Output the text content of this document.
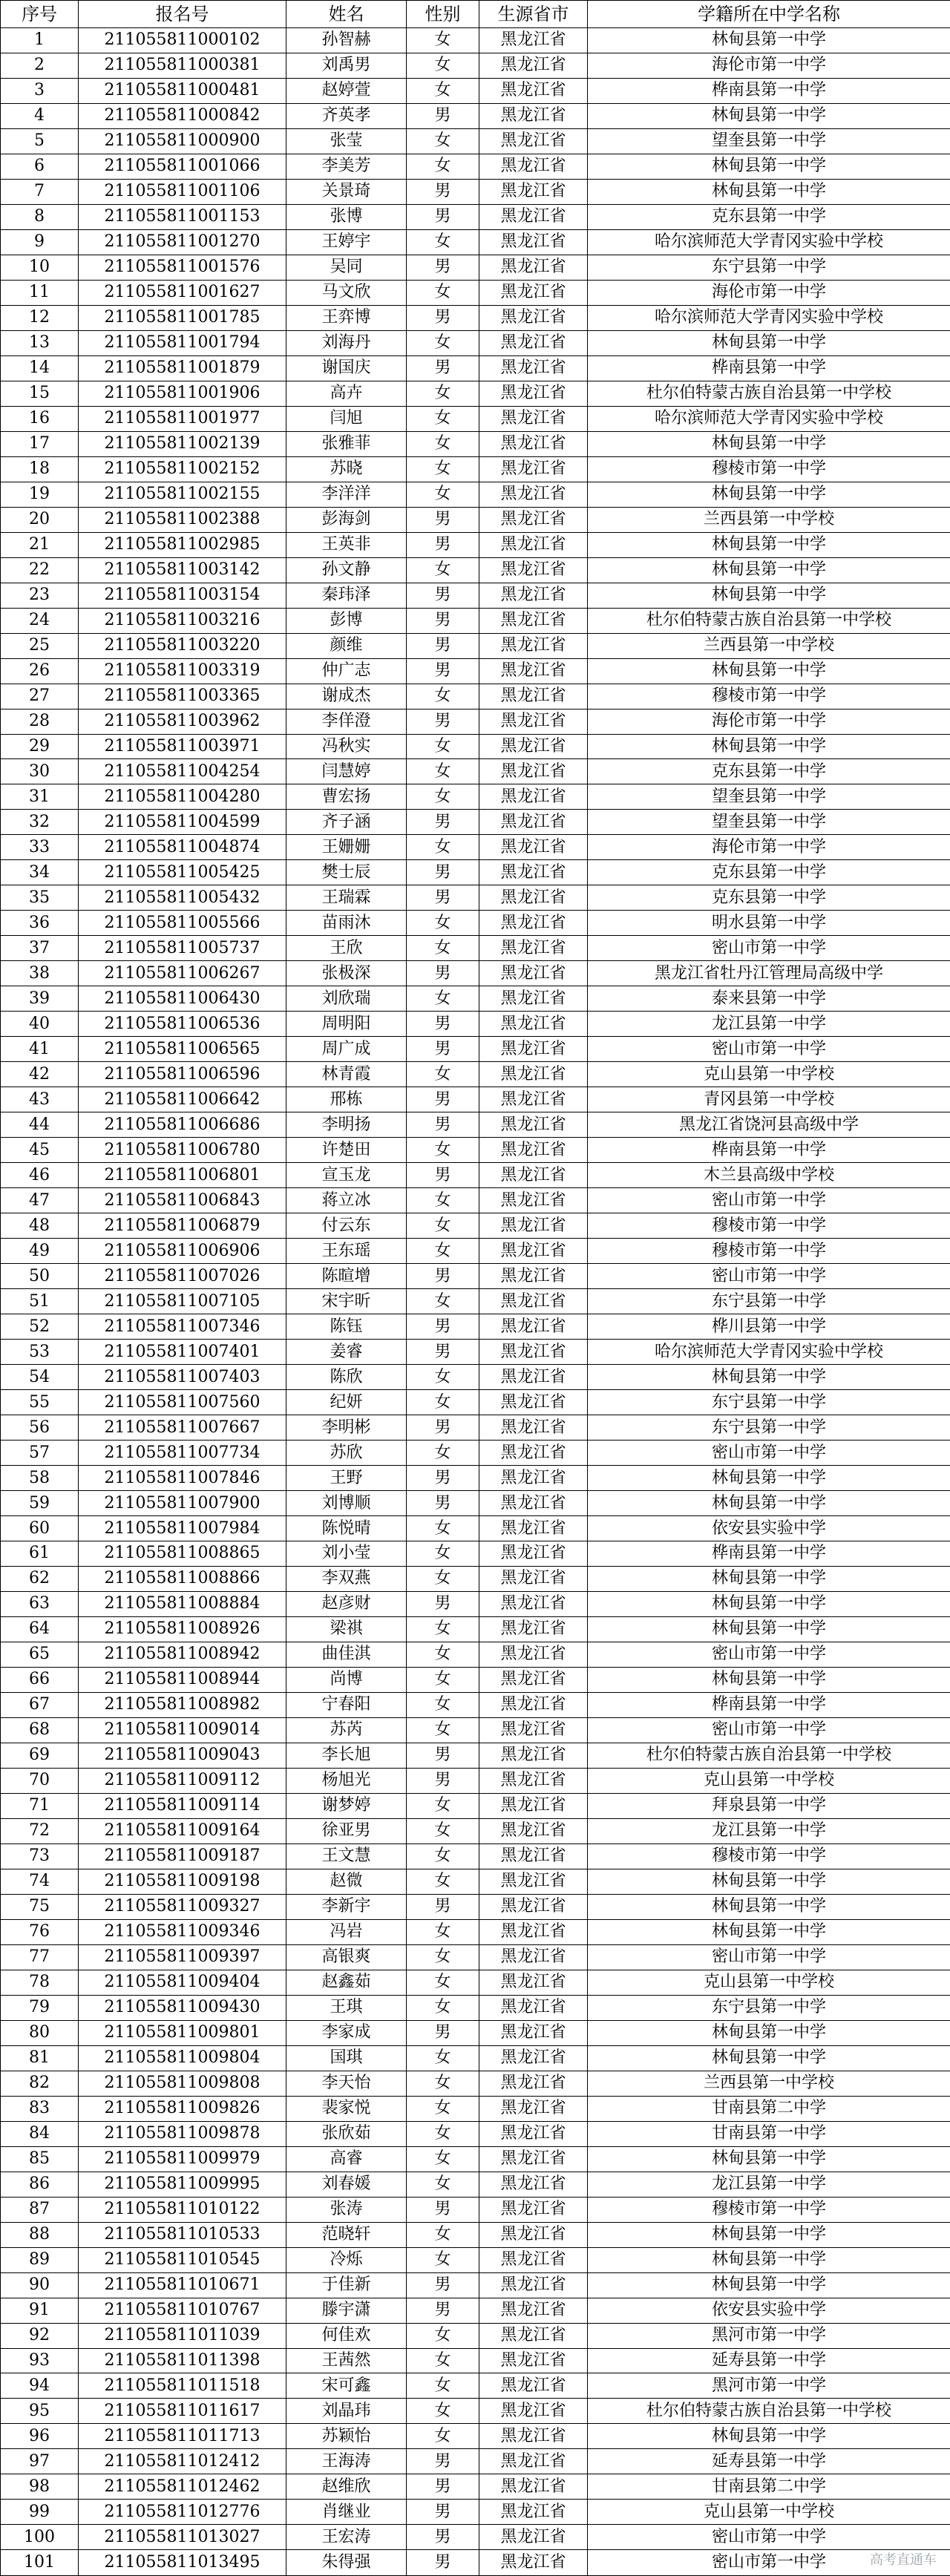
序号	报名号	姓名	性别	生源省市	学籍所在中学名称
1	211055811000102	孙智赫	女	黑龙江省	林甸县第一中学
2	211055811000381	刘禹男	女	黑龙江省	海伦市第一中学
3	211055811000481	赵婷萱	女	黑龙江省	桦南县第一中学
4	211055811000842	齐英孝	男	黑龙江省	林甸县第一中学
5	211055811000900	张莹	女	黑龙江省	望奎县第一中学
6	211055811001066	李美芳	女	黑龙江省	林甸县第一中学
7	211055811001106	关景琦	男	黑龙江省	林甸县第一中学
8	211055811001153	张博	男	黑龙江省	克东县第一中学
9	211055811001270	王婷宇	女	黑龙江省	哈尔滨师范大学青冈实验中学校
10	211055811001576	吴同	男	黑龙江省	东宁县第一中学
11	211055811001627	马文欣	女	黑龙江省	海伦市第一中学
12	211055811001785	王弈博	男	黑龙江省	哈尔滨师范大学青冈实验中学校
13	211055811001794	刘海丹	女	黑龙江省	林甸县第一中学
14	211055811001879	谢国庆	男	黑龙江省	桦南县第一中学
15	211055811001906	高卉	女	黑龙江省	杜尔伯特蒙古族自治县第一中学校
16	211055811001977	闫旭	女	黑龙江省	哈尔滨师范大学青冈实验中学校
17	211055811002139	张雅菲	女	黑龙江省	林甸县第一中学
18	211055811002152	苏晓	女	黑龙江省	穆棱市第一中学
19	211055811002155	李洋洋	女	黑龙江省	林甸县第一中学
20	211055811002388	彭海剑	男	黑龙江省	兰西县第一中学校
21	211055811002985	王英非	男	黑龙江省	林甸县第一中学
22	211055811003142	孙文静	女	黑龙江省	林甸县第一中学
23	211055811003154	秦玮泽	男	黑龙江省	林甸县第一中学
24	211055811003216	彭博	男	黑龙江省	杜尔伯特蒙古族自治县第一中学校
25	211055811003220	颜维	男	黑龙江省	兰西县第一中学校
26	211055811003319	仲广志	男	黑龙江省	林甸县第一中学
27	211055811003365	谢成杰	女	黑龙江省	穆棱市第一中学
28	211055811003962	李佯澄	男	黑龙江省	海伦市第一中学
29	211055811003971	冯秋实	女	黑龙江省	林甸县第一中学
30	211055811004254	闫慧婷	女	黑龙江省	克东县第一中学
31	211055811004280	曹宏扬	女	黑龙江省	望奎县第一中学
32	211055811004599	齐子涵	男	黑龙江省	望奎县第一中学
33	211055811004874	王姗姗	女	黑龙江省	海伦市第一中学
34	211055811005425	樊士辰	男	黑龙江省	克东县第一中学
35	211055811005432	王瑞霖	男	黑龙江省	克东县第一中学
36	211055811005566	苗雨沐	女	黑龙江省	明水县第一中学
37	211055811005737	王欣	女	黑龙江省	密山市第一中学
38	211055811006267	张极深	男	黑龙江省	黑龙江省牡丹江管理局高级中学
39	211055811006430	刘欣瑞	女	黑龙江省	泰来县第一中学
40	211055811006536	周明阳	男	黑龙江省	龙江县第一中学
41	211055811006565	周广成	男	黑龙江省	密山市第一中学
42	211055811006596	林青霞	女	黑龙江省	克山县第一中学校
43	211055811006642	邢栋	男	黑龙江省	青冈县第一中学校
44	211055811006686	李明扬	男	黑龙江省	黑龙江省饶河县高级中学
45	211055811006780	许楚田	女	黑龙江省	桦南县第一中学
46	211055811006801	宣玉龙	男	黑龙江省	木兰县高级中学校
47	211055811006843	蒋立冰	女	黑龙江省	密山市第一中学
48	211055811006879	付云东	女	黑龙江省	穆棱市第一中学
49	211055811006906	王东瑶	女	黑龙江省	穆棱市第一中学
50	211055811007026	陈暄增	男	黑龙江省	密山市第一中学
51	211055811007105	宋宇昕	女	黑龙江省	东宁县第一中学
52	211055811007346	陈钰	男	黑龙江省	桦川县第一中学
53	211055811007401	姜睿	男	黑龙江省	哈尔滨师范大学青冈实验中学校
54	211055811007403	陈欣	女	黑龙江省	林甸县第一中学
55	211055811007560	纪妍	女	黑龙江省	东宁县第一中学
56	211055811007667	李明彬	男	黑龙江省	东宁县第一中学
57	211055811007734	苏欣	女	黑龙江省	密山市第一中学
58	211055811007846	王野	男	黑龙江省	林甸县第一中学
59	211055811007900	刘博顺	男	黑龙江省	林甸县第一中学
60	211055811007984	陈悦晴	女	黑龙江省	依安县实验中学
61	211055811008865	刘小莹	女	黑龙江省	桦南县第一中学
62	211055811008866	李双燕	女	黑龙江省	林甸县第一中学
63	211055811008884	赵彦财	男	黑龙江省	林甸县第一中学
64	211055811008926	梁祺	女	黑龙江省	林甸县第一中学
65	211055811008942	曲佳淇	女	黑龙江省	密山市第一中学
66	211055811008944	尚博	女	黑龙江省	林甸县第一中学
67	211055811008982	宁春阳	女	黑龙江省	桦南县第一中学
68	211055811009014	苏芮	女	黑龙江省	密山市第一中学
69	211055811009043	李长旭	男	黑龙江省	杜尔伯特蒙古族自治县第一中学校
70	211055811009112	杨旭光	男	黑龙江省	克山县第一中学校
71	211055811009114	谢梦婷	女	黑龙江省	拜泉县第一中学
72	211055811009164	徐亚男	女	黑龙江省	龙江县第一中学
73	211055811009187	王文慧	女	黑龙江省	穆棱市第一中学
74	211055811009198	赵微	女	黑龙江省	林甸县第一中学
75	211055811009327	李新宇	男	黑龙江省	林甸县第一中学
76	211055811009346	冯岩	女	黑龙江省	林甸县第一中学
77	211055811009397	高银爽	女	黑龙江省	密山市第一中学
78	211055811009404	赵鑫茹	女	黑龙江省	克山县第一中学校
79	211055811009430	王琪	女	黑龙江省	东宁县第一中学
80	211055811009801	李家成	男	黑龙江省	林甸县第一中学
81	211055811009804	国琪	女	黑龙江省	林甸县第一中学
82	211055811009808	李天怡	女	黑龙江省	兰西县第一中学校
83	211055811009826	裴家悦	女	黑龙江省	甘南县第二中学
84	211055811009878	张欣茹	女	黑龙江省	甘南县第一中学
85	211055811009979	高睿	女	黑龙江省	林甸县第一中学
86	211055811009995	刘春媛	女	黑龙江省	龙江县第一中学
87	211055811010122	张涛	男	黑龙江省	穆棱市第一中学
88	211055811010533	范晓轩	女	黑龙江省	林甸县第一中学
89	211055811010545	冷烁	女	黑龙江省	林甸县第一中学
90	211055811010671	于佳新	男	黑龙江省	林甸县第一中学
91	211055811010767	滕宇潇	男	黑龙江省	依安县实验中学
92	211055811011039	何佳欢	女	黑龙江省	黑河市第一中学
93	211055811011398	王茜然	女	黑龙江省	延寿县第一中学
94	211055811011518	宋可鑫	女	黑龙江省	黑河市第一中学
95	211055811011617	刘晶玮	女	黑龙江省	杜尔伯特蒙古族自治县第一中学校
96	211055811011713	苏颖怡	女	黑龙江省	林甸县第一中学
97	211055811012412	王海涛	男	黑龙江省	延寿县第一中学
98	211055811012462	赵维欣	男	黑龙江省	甘南县第二中学
99	211055811012776	肖继业	男	黑龙江省	克山县第一中学校
100	211055811013027	王宏涛	男	黑龙江省	密山市第一中学
101	211055811013495	朱得强	男	黑龙江省	密山市第一中学	高考直通车
